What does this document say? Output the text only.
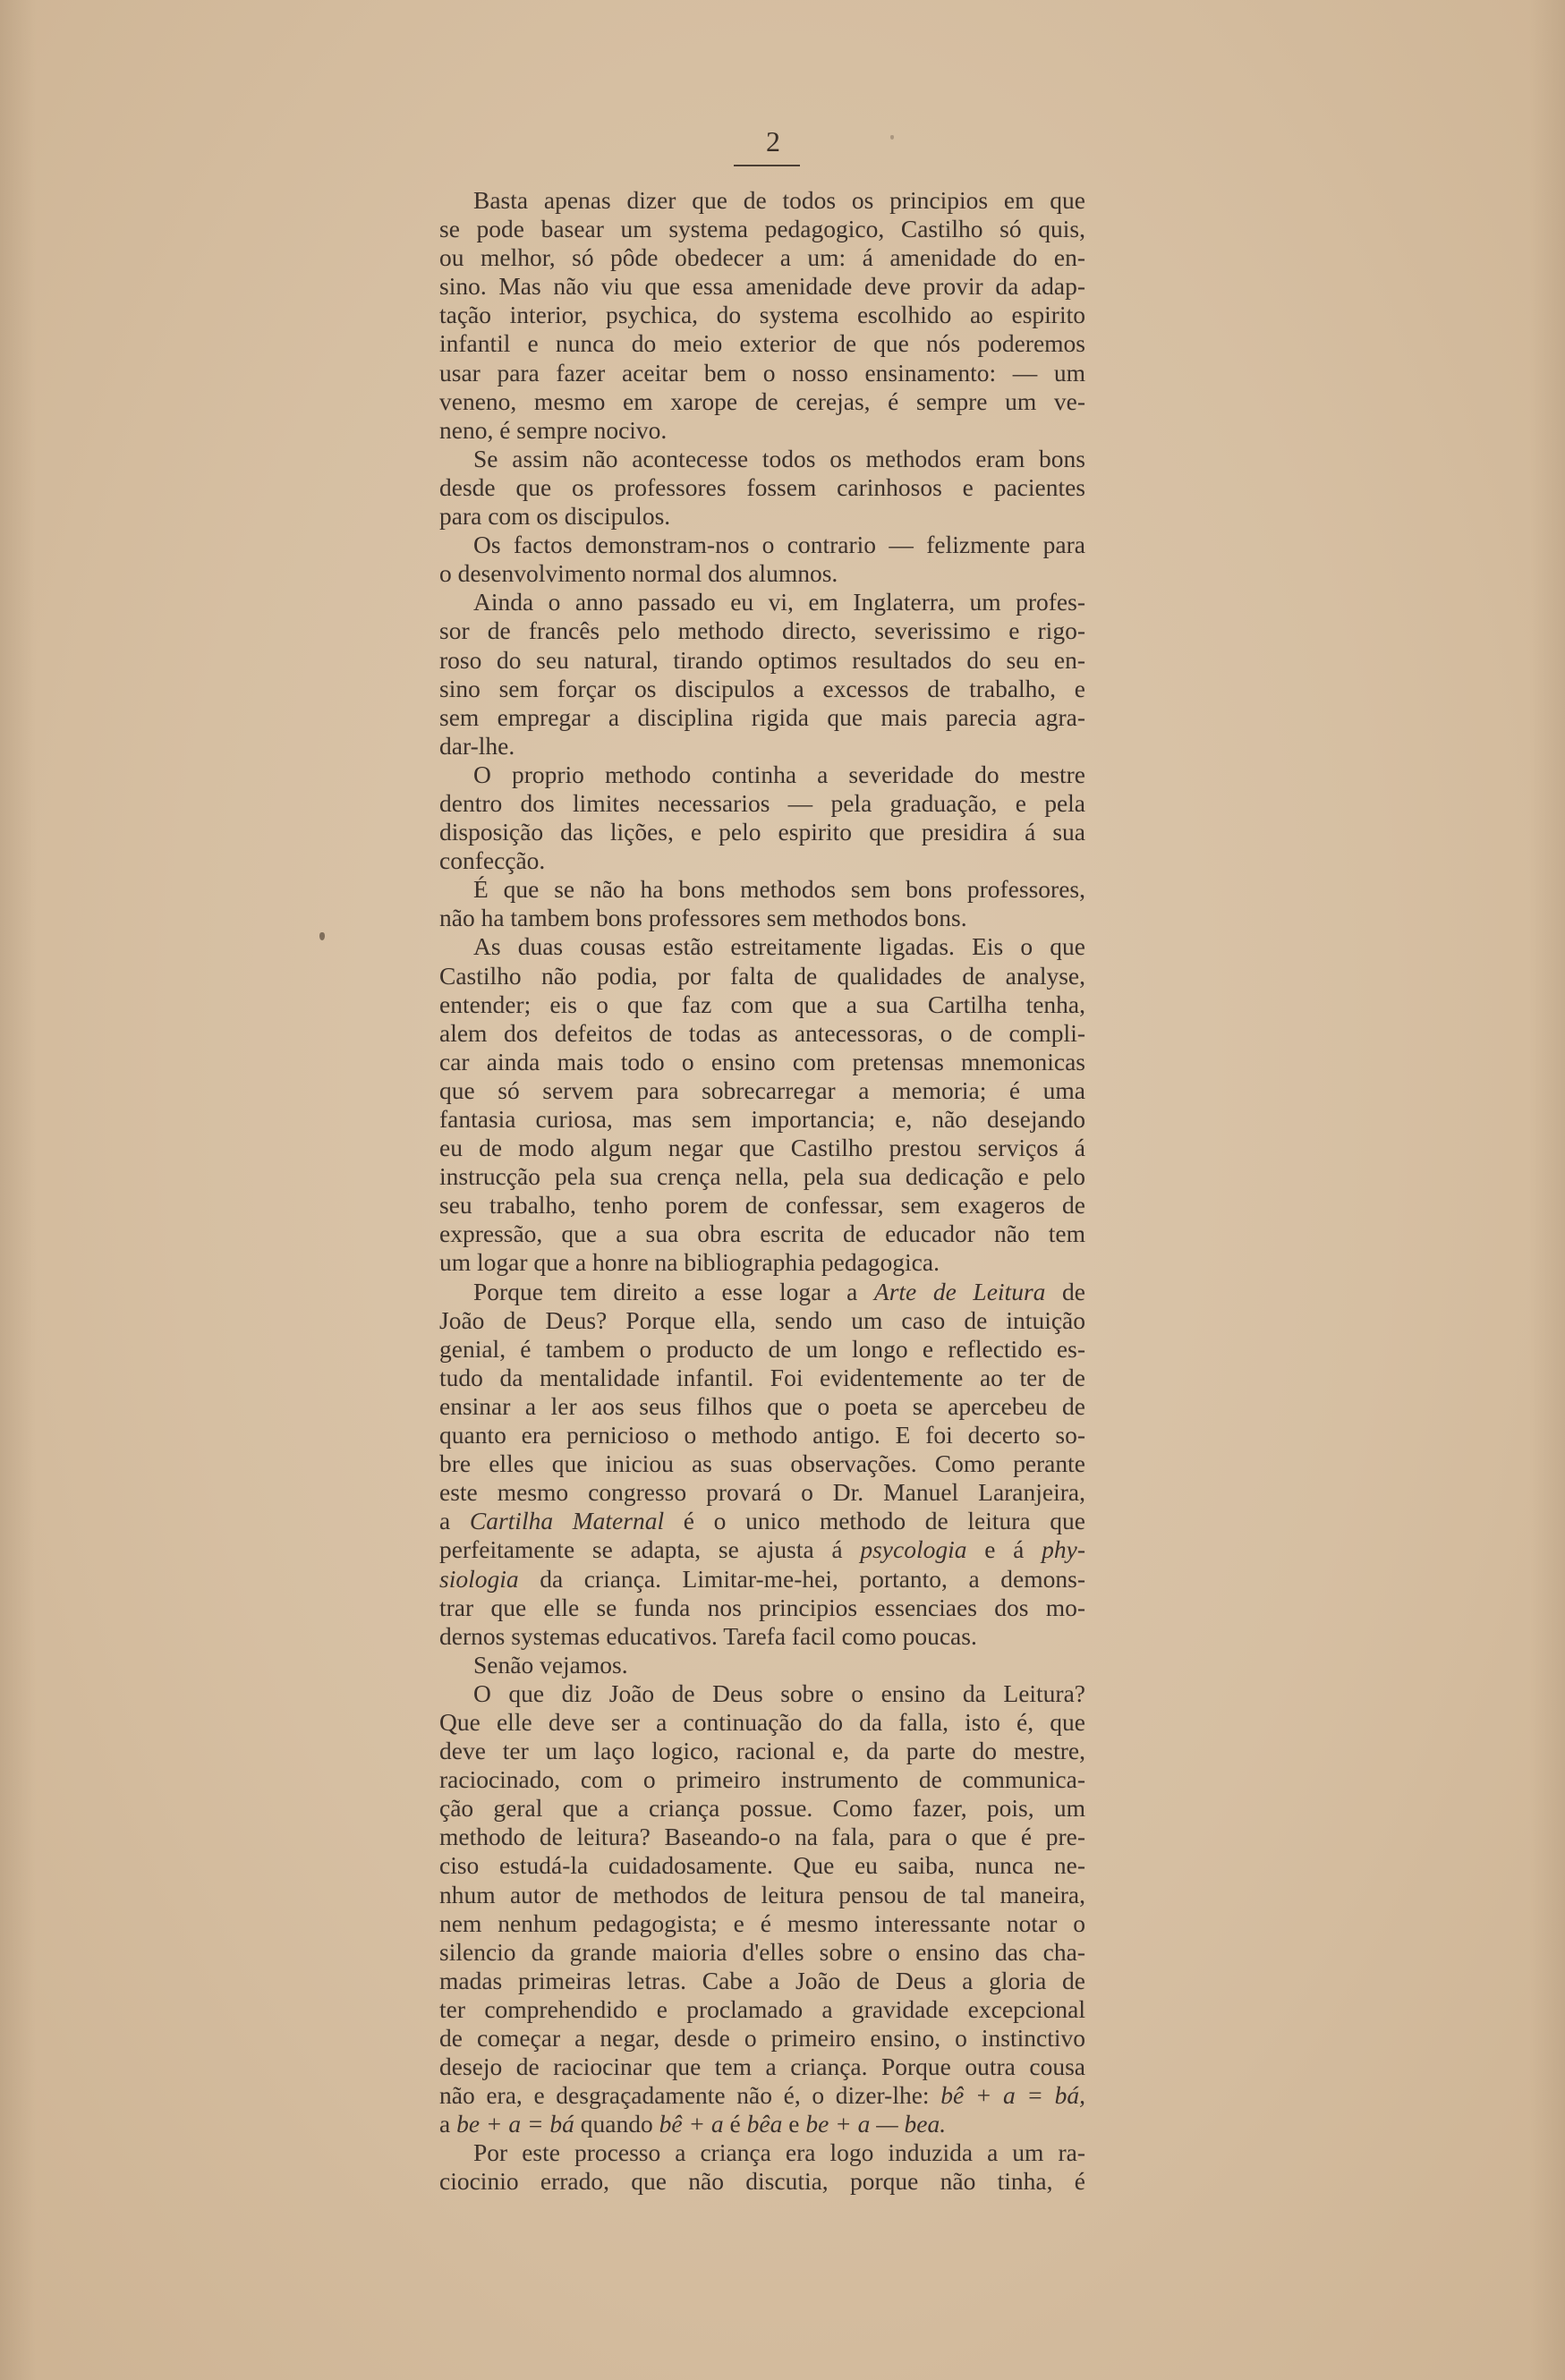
2
Basta apenas dizer que de todos os principios em que
se pode basear um systema pedagogico, Castilho só quis,
ou melhor, só pôde obedecer a um: á amenidade do en-
sino. Mas não viu que essa amenidade deve provir da adap-
tação interior, psychica, do systema escolhido ao espirito
infantil e nunca do meio exterior de que nós poderemos
usar para fazer aceitar bem o nosso ensinamento: — um
veneno, mesmo em xarope de cerejas, é sempre um ve-
neno, é sempre nocivo.
Se assim não acontecesse todos os methodos eram bons
desde que os professores fossem carinhosos e pacientes
para com os discipulos.
Os factos demonstram-nos o contrario — felizmente para
o desenvolvimento normal dos alumnos.
Ainda o anno passado eu vi, em Inglaterra, um profes-
sor de francês pelo methodo directo, severissimo e rigo-
roso do seu natural, tirando optimos resultados do seu en-
sino sem forçar os discipulos a excessos de trabalho, e
sem empregar a disciplina rigida que mais parecia agra-
dar-lhe.
O proprio methodo continha a severidade do mestre
dentro dos limites necessarios — pela graduação, e pela
disposição das lições, e pelo espirito que presidira á sua
confecção.
É que se não ha bons methodos sem bons professores,
não ha tambem bons professores sem methodos bons.
As duas cousas estão estreitamente ligadas. Eis o que
Castilho não podia, por falta de qualidades de analyse,
entender; eis o que faz com que a sua Cartilha tenha,
alem dos defeitos de todas as antecessoras, o de compli-
car ainda mais todo o ensino com pretensas mnemonicas
que só servem para sobrecarregar a memoria; é uma
fantasia curiosa, mas sem importancia; e, não desejando
eu de modo algum negar que Castilho prestou serviços á
instrucção pela sua crença nella, pela sua dedicação e pelo
seu trabalho, tenho porem de confessar, sem exageros de
expressão, que a sua obra escrita de educador não tem
um logar que a honre na bibliographia pedagogica.
Porque tem direito a esse logar a Arte de Leitura de
João de Deus? Porque ella, sendo um caso de intuição
genial, é tambem o producto de um longo e reflectido es-
tudo da mentalidade infantil. Foi evidentemente ao ter de
ensinar a ler aos seus filhos que o poeta se apercebeu de
quanto era pernicioso o methodo antigo. E foi decerto so-
bre elles que iniciou as suas observações. Como perante
este mesmo congresso provará o Dr. Manuel Laranjeira,
a Cartilha Maternal é o unico methodo de leitura que
perfeitamente se adapta, se ajusta á psycologia e á phy-
siologia da criança. Limitar-me-hei, portanto, a demons-
trar que elle se funda nos principios essenciaes dos mo-
dernos systemas educativos. Tarefa facil como poucas.
Senão vejamos.
O que diz João de Deus sobre o ensino da Leitura?
Que elle deve ser a continuação do da falla, isto é, que
deve ter um laço logico, racional e, da parte do mestre,
raciocinado, com o primeiro instrumento de communica-
ção geral que a criança possue. Como fazer, pois, um
methodo de leitura? Baseando-o na fala, para o que é pre-
ciso estudá-la cuidadosamente. Que eu saiba, nunca ne-
nhum autor de methodos de leitura pensou de tal maneira,
nem nenhum pedagogista; e é mesmo interessante notar o
silencio da grande maioria d'elles sobre o ensino das cha-
madas primeiras letras. Cabe a João de Deus a gloria de
ter comprehendido e proclamado a gravidade excepcional
de começar a negar, desde o primeiro ensino, o instinctivo
desejo de raciocinar que tem a criança. Porque outra cousa
não era, e desgraçadamente não é, o dizer-lhe: bê + a = bá,
a be + a = bá quando bê + a é bêa e be + a — bea.
Por este processo a criança era logo induzida a um ra-
ciocinio errado, que não discutia, porque não tinha, é
